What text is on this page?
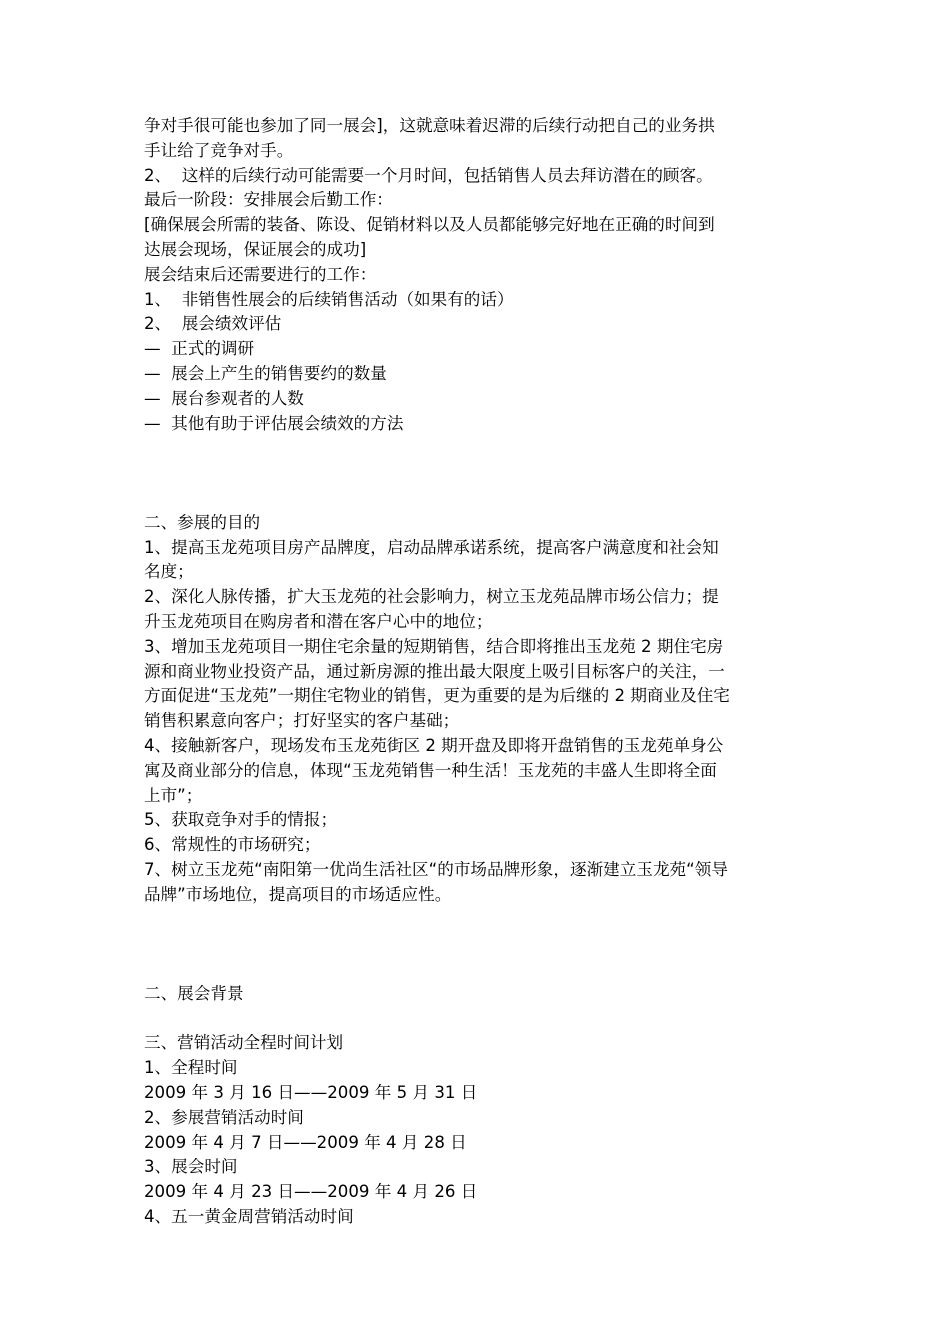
争对手很可能也参加了同一展会]，这就意味着迟滞的后续行动把自己的业务拱
手让给了竞争对手。
2、  这样的后续行动可能需要一个月时间，包括销售人员去拜访潜在的顾客。
最后一阶段：安排展会后勤工作：
[确保展会所需的装备、陈设、促销材料以及人员都能够完好地在正确的时间到
达展会现场，保证展会的成功]
展会结束后还需要进行的工作：
1、  非销售性展会的后续销售活动（如果有的话）
2、  展会绩效评估
—  正式的调研
—  展会上产生的销售要约的数量
—  展台参观者的人数
—  其他有助于评估展会绩效的方法
二、参展的目的
1、提高玉龙苑项目房产品牌度，启动品牌承诺系统，提高客户满意度和社会知
名度；
2、深化人脉传播，扩大玉龙苑的社会影响力，树立玉龙苑品牌市场公信力；提
升玉龙苑项目在购房者和潜在客户心中的地位；
3、增加玉龙苑项目一期住宅余量的短期销售，结合即将推出玉龙苑 2 期住宅房
源和商业物业投资产品，通过新房源的推出最大限度上吸引目标客户的关注，一
方面促进“玉龙苑”一期住宅物业的销售，更为重要的是为后继的 2 期商业及住宅
销售积累意向客户；打好坚实的客户基础；
4、接触新客户，现场发布玉龙苑街区 2 期开盘及即将开盘销售的玉龙苑单身公
寓及商业部分的信息，体现“玉龙苑销售一种生活！玉龙苑的丰盛人生即将全面
上市”；
5、获取竞争对手的情报；
6、常规性的市场研究；
7、树立玉龙苑“南阳第一优尚生活社区“的市场品牌形象，逐渐建立玉龙苑“领导
品牌”市场地位，提高项目的市场适应性。
二、展会背景
三、营销活动全程时间计划
1、全程时间
2009 年 3 月 16 日——2009 年 5 月 31 日
2、参展营销活动时间
2009 年 4 月 7 日——2009 年 4 月 28 日
3、展会时间
2009 年 4 月 23 日——2009 年 4 月 26 日
4、五一黄金周营销活动时间
